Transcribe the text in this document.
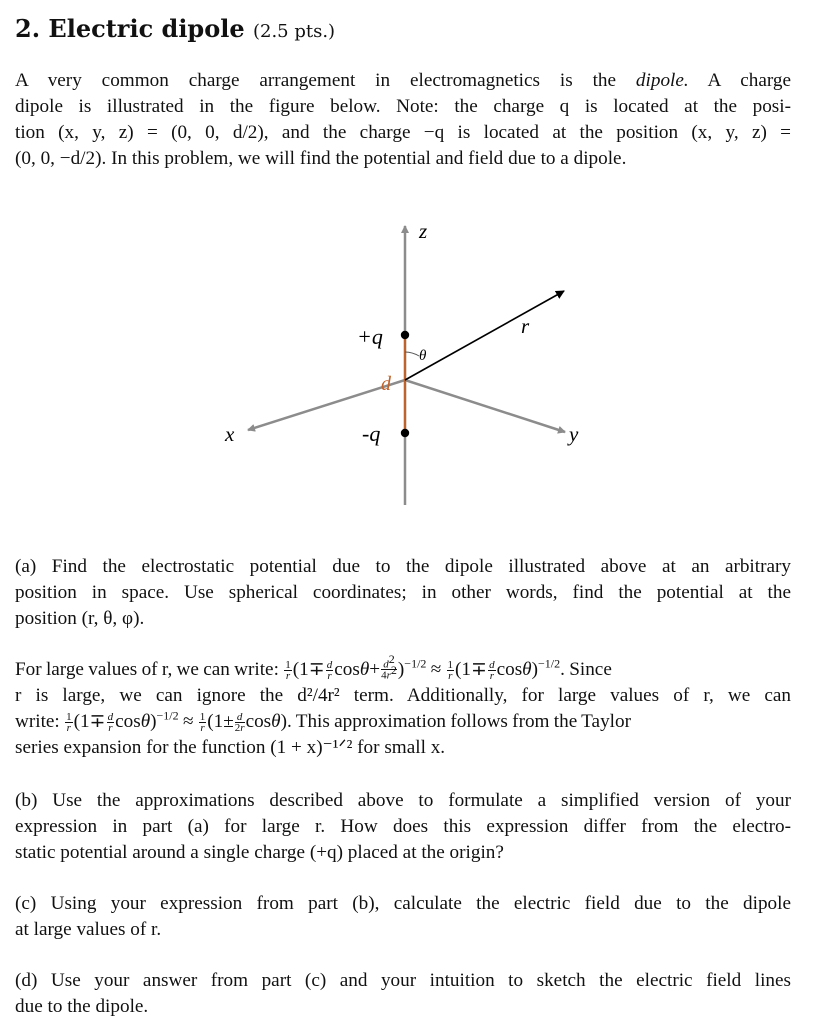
2. Electric dipole (2.5 pts.)
A very common charge arrangement in electromagnetics is the dipole. A charge
dipole is illustrated in the figure below. Note: the charge q is located at the posi-
tion (x, y, z) = (0, 0, d/2), and the charge −q is located at the position (x, y, z) =
(0, 0, −d/2). In this problem, we will find the potential and field due to a dipole.
z
x	y
r
θ
d
+q
-q
(a) Find the electrostatic potential due to the dipole illustrated above at an arbitrary
position in space. Use spherical coordinates; in other words, find the potential at the
position (r, θ, φ).
For large values of r, we can write: $\frac{1}{r} (1\mp \frac{d}{r} \cos\theta+ \frac{d^2}{4r^2} )^{-1/2} \approx \frac{1}{r} (1\mp \frac{d}{r} \cos\theta)^{-1/2}$. Since
r is large, we can ignore the d²/4r² term. Additionally, for large values of r, we can
write: $\frac{1}{r} (1\mp \frac{d}{r} \cos\theta)^{-1/2} \approx \frac{1}{r} (1\pm \frac{d}{2r} \cos\theta)$. This approximation follows from the Taylor
series expansion for the function (1 + x)⁻¹ᐟ² for small x.
(b) Use the approximations described above to formulate a simplified version of your
expression in part (a) for large r. How does this expression differ from the electro-
static potential around a single charge (+q) placed at the origin?
(c) Using your expression from part (b), calculate the electric field due to the dipole
at large values of r.
(d) Use your answer from part (c) and your intuition to sketch the electric field lines
due to the dipole.
